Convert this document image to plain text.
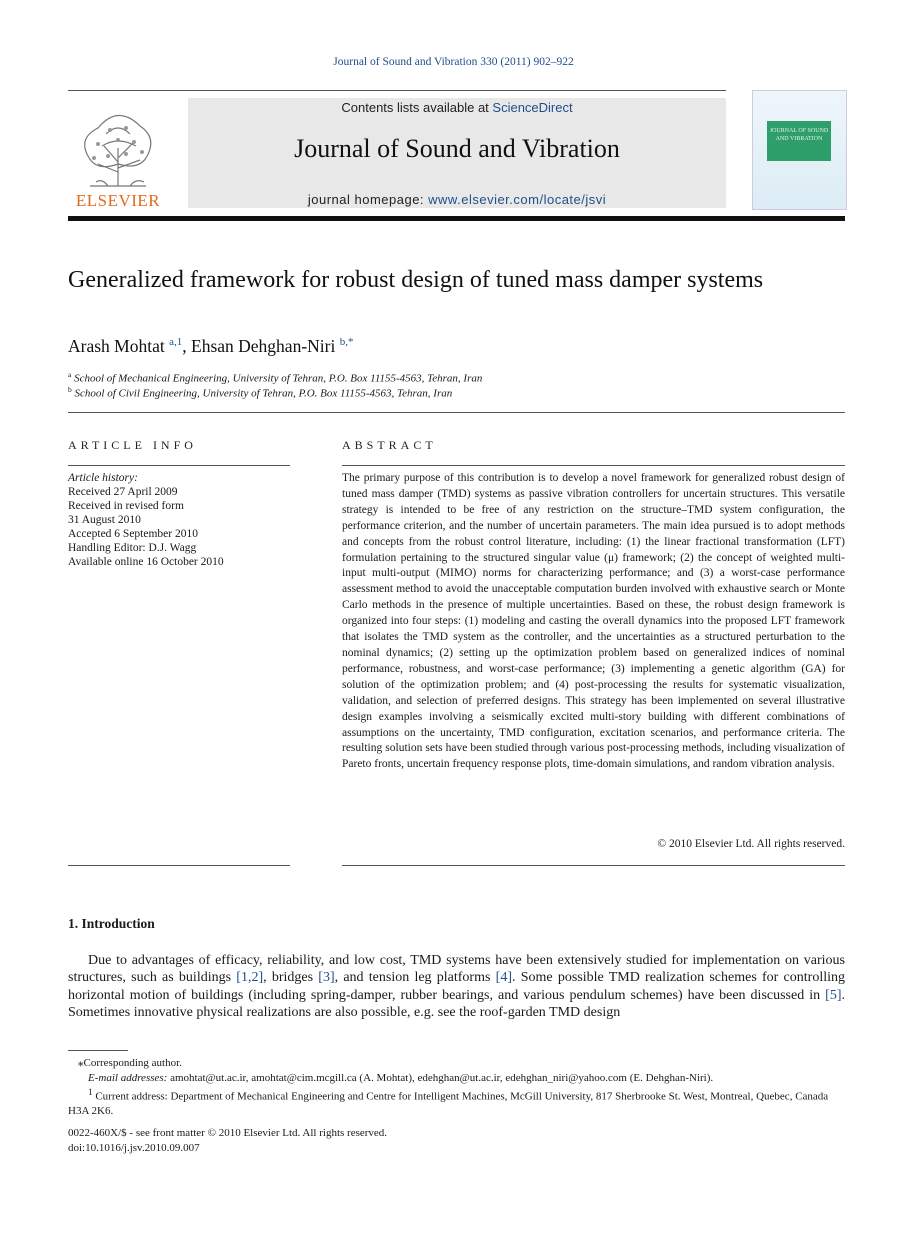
Journal of Sound and Vibration 330 (2011) 902–922
ELSEVIER
Contents lists available at ScienceDirect
Journal of Sound and Vibration
journal homepage: www.elsevier.com/locate/jsvi
JOURNAL OF SOUND AND VIBRATION
Generalized framework for robust design of tuned mass damper systems
Arash Mohtat $^{a,1}$, Ehsan Dehghan-Niri $^{b,*}$
$^a$ School of Mechanical Engineering, University of Tehran, P.O. Box 11155-4563, Tehran, Iran
$^b$ School of Civil Engineering, University of Tehran, P.O. Box 11155-4563, Tehran, Iran
ARTICLE INFO	ABSTRACT
Article history:
Received 27 April 2009
Received in revised form
31 August 2010
Accepted 6 September 2010
Handling Editor: D.J. Wagg
Available online 16 October 2010
The primary purpose of this contribution is to develop a novel framework for generalized robust design of tuned mass damper (TMD) systems as passive vibration controllers for uncertain structures. This versatile strategy is intended to be free of any restriction on the structure–TMD system configuration, the performance criterion, and the number of uncertain parameters. The main idea pursued is to adopt methods and concepts from the robust control literature, including: (1) the linear fractional transformation (LFT) formulation pertaining to the structured singular value (μ) framework; (2) the concept of weighted multi-input multi-output (MIMO) norms for characterizing performance; and (3) a worst-case performance assessment method to avoid the unacceptable computation burden involved with exhaustive search or Monte Carlo methods in the presence of multiple uncertainties. Based on these, the robust design framework is organized into four steps: (1) modeling and casting the overall dynamics into the proposed LFT framework that isolates the TMD system as the controller, and the uncertainties as a structured perturbation to the nominal dynamics; (2) setting up the optimization problem based on generalized indices of nominal performance, robustness, and worst-case performance; (3) implementing a genetic algorithm (GA) for solution of the optimization problem; and (4) post-processing the results for systematic visualization, validation, and selection of preferred designs. This strategy has been implemented on several illustrative design examples involving a seismically excited multi-story building with different combinations of assumptions on the uncertainty, TMD configuration, excitation scenarios, and performance criteria. The resulting solution sets have been studied through various post-processing methods, including visualization of Pareto fronts, uncertain frequency response plots, time-domain simulations, and random vibration analysis.
© 2010 Elsevier Ltd. All rights reserved.
1. Introduction
Due to advantages of efficacy, reliability, and low cost, TMD systems have been extensively studied for implementation on various structures, such as buildings [1,2], bridges [3], and tension leg platforms [4]. Some possible TMD realization schemes for controlling horizontal motion of buildings (including spring-damper, rubber bearings, and various pendulum schemes) have been discussed in [5]. Sometimes innovative physical realizations are also possible, e.g. see the roof-garden TMD design
⁎Corresponding author.
E-mail addresses: amohtat@ut.ac.ir, amohtat@cim.mcgill.ca (A. Mohtat), edehghan@ut.ac.ir, edehghan_niri@yahoo.com (E. Dehghan-Niri).
$^1$ Current address: Department of Mechanical Engineering and Centre for Intelligent Machines, McGill University, 817 Sherbrooke St. West, Montreal, Quebec, Canada H3A 2K6.
0022-460X/$ - see front matter © 2010 Elsevier Ltd. All rights reserved.
doi:10.1016/j.jsv.2010.09.007
